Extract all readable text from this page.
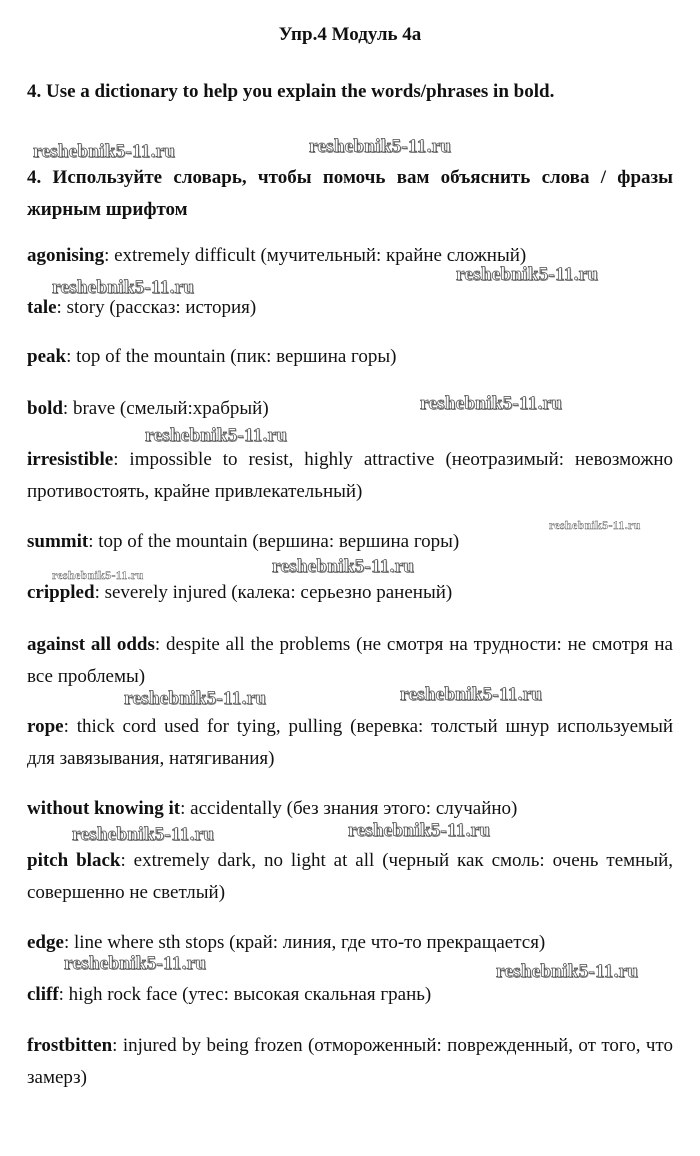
Упр.4 Модуль 4а
4. Use a dictionary to help you explain the words/phrases in bold.
4. Используйте словарь, чтобы помочь вам объяснить слова / фразы жирным шрифтом
agonising: extremely difficult (мучительный: крайне сложный)
tale: story (рассказ: история)
peak: top of the mountain (пик: вершина горы)
bold: brave (смелый:храбрый)
irresistible: impossible to resist, highly attractive (неотразимый: невозможно противостоять, крайне привлекательный)
summit: top of the mountain (вершина: вершина горы)
crippled: severely injured (калека: серьезно раненый)
against all odds: despite all the problems (не смотря на трудности: не смотря на все проблемы)
rope: thick cord used for tying, pulling (веревка: толстый шнур используемый для завязывания, натягивания)
without knowing it: accidentally (без знания этого: случайно)
pitch black: extremely dark, no light at all (черный как смоль: очень темный, совершенно не светлый)
edge: line where sth stops (край: линия, где что-то прекращается)
cliff: high rock face (утес: высокая скальная грань)
frostbitten: injured by being frozen (отмороженный: поврежденный, от того, что замерз)
reshebnik5-11.ru	reshebnik5-11.ru
reshebnik5-11.ru
reshebnik5-11.ru
reshebnik5-11.ru
reshebnik5-11.ru
reshebnik5-11.ru
reshebnik5-11.ru	reshebnik5-11.ru
reshebnik5-11.ru	reshebnik5-11.ru
reshebnik5-11.ru	reshebnik5-11.ru
reshebnik5-11.ru	reshebnik5-11.ru
